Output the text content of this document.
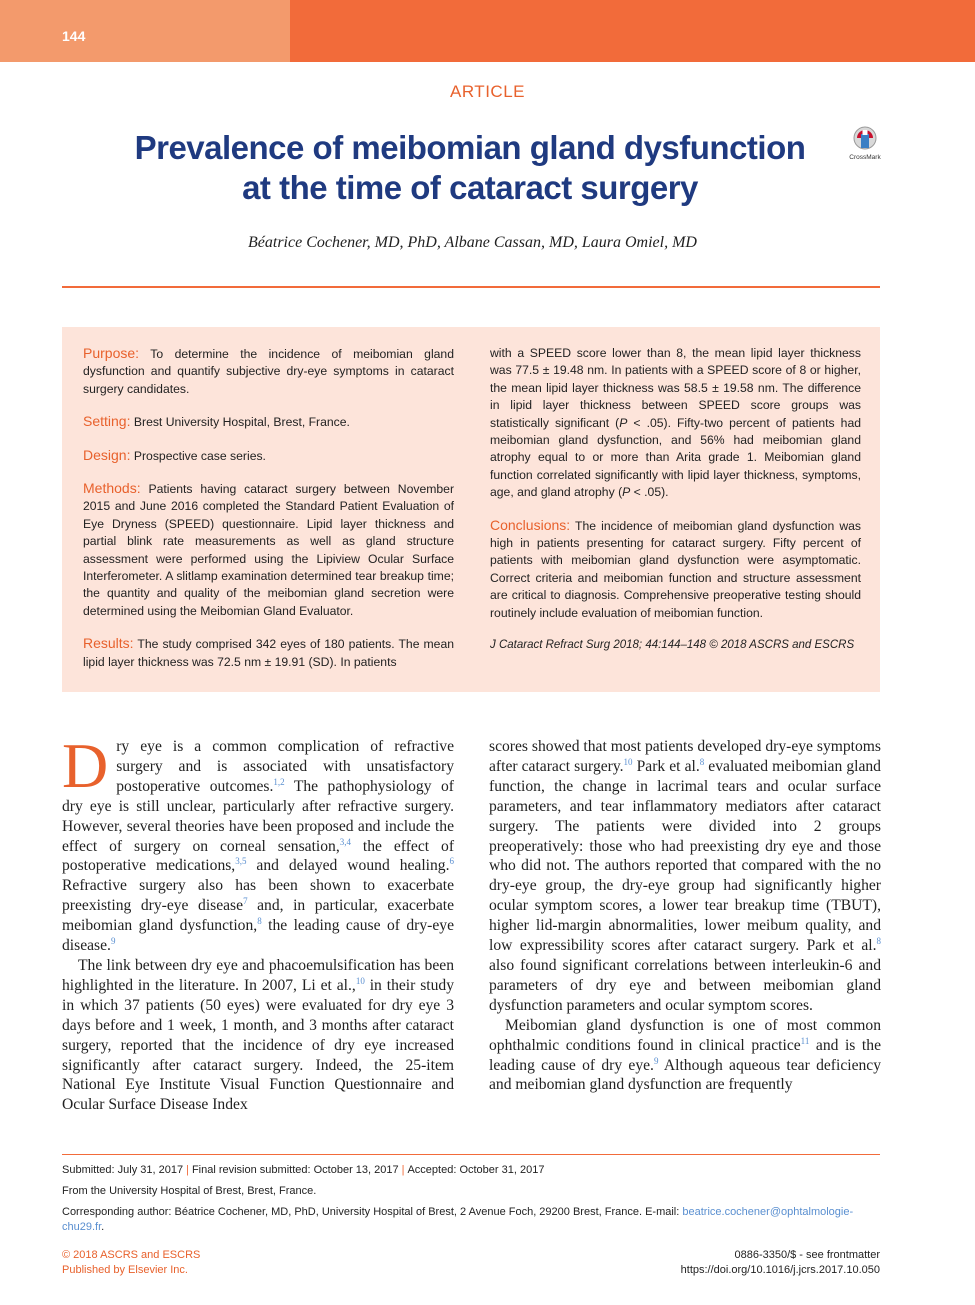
144
ARTICLE
Prevalence of meibomian gland dysfunction
at the time of cataract surgery
CrossMark
Béatrice Cochener, MD, PhD, Albane Cassan, MD, Laura Omiel, MD

Purpose: To determine the incidence of meibomian gland dysfunction and quantify subjective dry-eye symptoms in cataract surgery candidates.

Setting: Brest University Hospital, Brest, France.

Design: Prospective case series.

Methods: Patients having cataract surgery between November 2015 and June 2016 completed the Standard Patient Evaluation of Eye Dryness (SPEED) questionnaire. Lipid layer thickness and partial blink rate measurements as well as gland structure assessment were performed using the Lipiview Ocular Surface Interferometer. A slitlamp examination determined tear breakup time; the quantity and quality of the meibomian gland secretion were determined using the Meibomian Gland Evaluator.

Results: The study comprised 342 eyes of 180 patients. The mean lipid layer thickness was 72.5 nm ± 19.91 (SD). In patients

with a SPEED score lower than 8, the mean lipid layer thickness was 77.5 ± 19.48 nm. In patients with a SPEED score of 8 or higher, the mean lipid layer thickness was 58.5 ± 19.58 nm. The difference in lipid layer thickness between SPEED score groups was statistically significant (P < .05). Fifty-two percent of patients had meibomian gland dysfunction, and 56% had meibomian gland atrophy equal to or more than Arita grade 1. Meibomian gland function correlated significantly with lipid layer thickness, symptoms, age, and gland atrophy (P < .05).

Conclusions: The incidence of meibomian gland dysfunction was high in patients presenting for cataract surgery. Fifty percent of patients with meibomian gland dysfunction were asymptomatic. Correct criteria and meibomian function and structure assessment are critical to diagnosis. Comprehensive preoperative testing should routinely include evaluation of meibomian function.

J Cataract Refract Surg 2018; 44:144–148 © 2018 ASCRS and ESCRS

Dry eye is a common complication of refractive surgery and is associated with unsatisfactory postoperative outcomes.$^{1,2}$ The pathophysiology of dry eye is still unclear, particularly after refractive surgery. However, several theories have been proposed and include the effect of surgery on corneal sensation,$^{3,4}$ the effect of postoperative medications,$^{3,5}$ and delayed wound healing.$^6$ Refractive surgery also has been shown to exacerbate preexisting dry-eye disease$^7$ and, in particular, exacerbate meibomian gland dysfunction,$^8$ the leading cause of dry-eye disease.$^9$

The link between dry eye and phacoemulsification has been highlighted in the literature. In 2007, Li et al.,$^{10}$ in their study in which 37 patients (50 eyes) were evaluated for dry eye 3 days before and 1 week, 1 month, and 3 months after cataract surgery, reported that the incidence of dry eye increased significantly after cataract surgery. Indeed, the 25-item National Eye Institute Visual Function Questionnaire and Ocular Surface Disease Index

scores showed that most patients developed dry-eye symptoms after cataract surgery.$^{10}$ Park et al.$^8$ evaluated meibomian gland function, the change in lacrimal tears and ocular surface parameters, and tear inflammatory mediators after cataract surgery. The patients were divided into 2 groups preoperatively: those who had preexisting dry eye and those who did not. The authors reported that compared with the no dry-eye group, the dry-eye group had significantly higher ocular symptom scores, a lower tear breakup time (TBUT), higher lid-margin abnormalities, lower meibum quality, and low expressibility scores after cataract surgery. Park et al.$^8$ also found significant correlations between interleukin-6 and parameters of dry eye and between meibomian gland dysfunction parameters and ocular symptom scores.

Meibomian gland dysfunction is one of most common ophthalmic conditions found in clinical practice$^{11}$ and is the leading cause of dry eye.$^9$ Although aqueous tear deficiency and meibomian gland dysfunction are frequently

Submitted: July 31, 2017 | Final revision submitted: October 13, 2017 | Accepted: October 31, 2017

From the University Hospital of Brest, Brest, France.

Corresponding author: Béatrice Cochener, MD, PhD, University Hospital of Brest, 2 Avenue Foch, 29200 Brest, France. E-mail: beatrice.cochener@ophtalmologie-chu29.fr.

© 2018 ASCRS and ESCRS
Published by Elsevier Inc.
0886-3350/$ - see frontmatter
https://doi.org/10.1016/j.jcrs.2017.10.050
